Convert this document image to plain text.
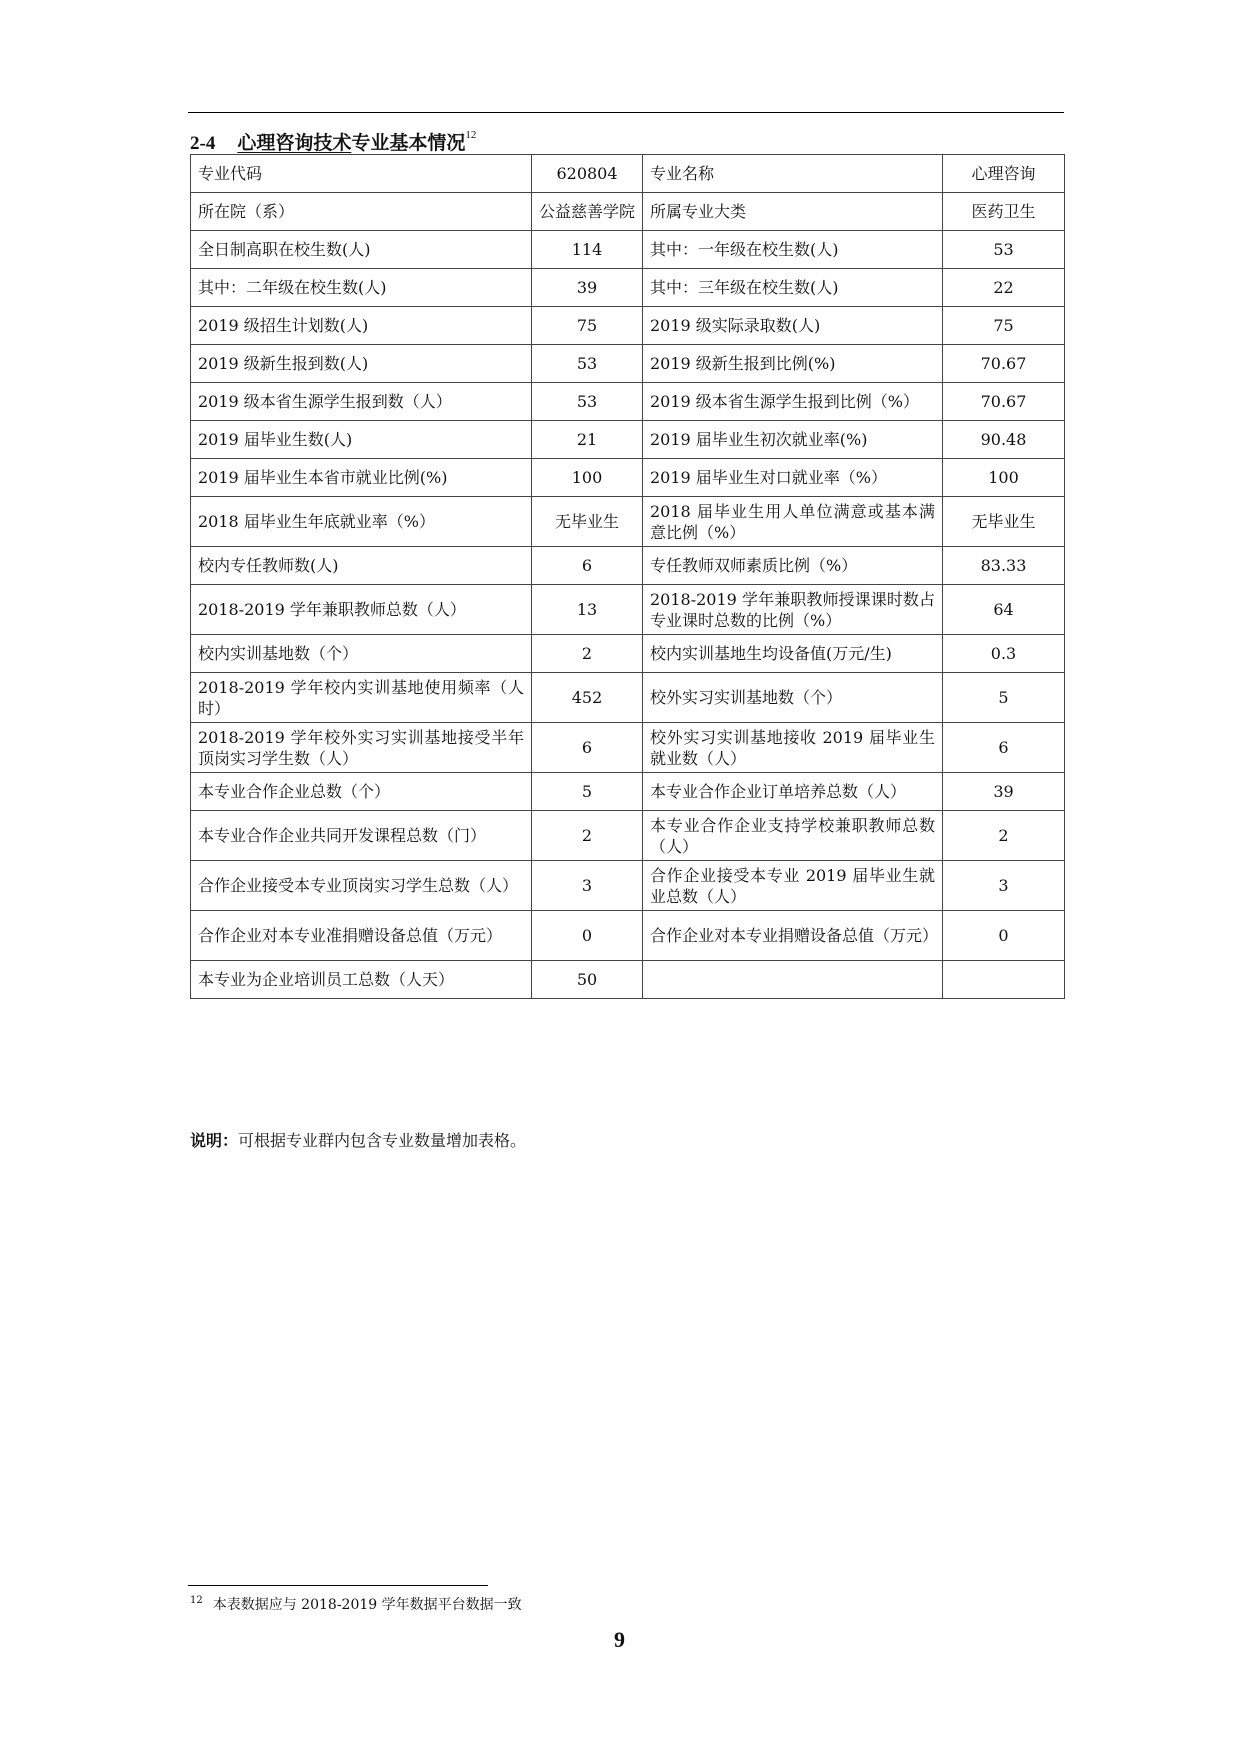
2-4 心理咨询技术专业基本情况$^{12}$
专业代码	620804	专业名称	心理咨询
所在院（系）	公益慈善学院	所属专业大类	医药卫生
全日制高职在校生数(人)	114	其中：一年级在校生数(人)	53
其中：二年级在校生数(人)	39	其中：三年级在校生数(人)	22
2019 级招生计划数(人)	75	2019 级实际录取数(人)	75
2019 级新生报到数(人)	53	2019 级新生报到比例(%)	70.67
2019 级本省生源学生报到数（人）	53	2019 级本省生源学生报到比例（%）	70.67
2019 届毕业生数(人)	21	2019 届毕业生初次就业率(%)	90.48
2019 届毕业生本省市就业比例(%)	100	2019 届毕业生对口就业率（%）	100
2018 届毕业生年底就业率（%）	无毕业生	2018 届毕业生用人单位满意或基本满意比例（%）	无毕业生
校内专任教师数(人)	6	专任教师双师素质比例（%）	83.33
2018-2019 学年兼职教师总数（人）	13	2018-2019 学年兼职教师授课课时数占专业课时总数的比例（%）	64
校内实训基地数（个）	2	校内实训基地生均设备值(万元/生)	0.3
2018-2019 学年校内实训基地使用频率（人时）	452	校外实习实训基地数（个）	5
2018-2019 学年校外实习实训基地接受半年顶岗实习学生数（人）	6	校外实习实训基地接收 2019 届毕业生就业数（人）	6
本专业合作企业总数（个）	5	本专业合作企业订单培养总数（人）	39
本专业合作企业共同开发课程总数（门）	2	本专业合作企业支持学校兼职教师总数（人）	2
合作企业接受本专业顶岗实习学生总数（人）	3	合作企业接受本专业 2019 届毕业生就业总数（人）	3
合作企业对本专业准捐赠设备总值（万元）	0	合作企业对本专业捐赠设备总值（万元）	0
本专业为企业培训员工总数（人天）	50		
说明：可根据专业群内包含专业数量增加表格。
$^{12}$ 本表数据应与 2018-2019 学年数据平台数据一致
9
